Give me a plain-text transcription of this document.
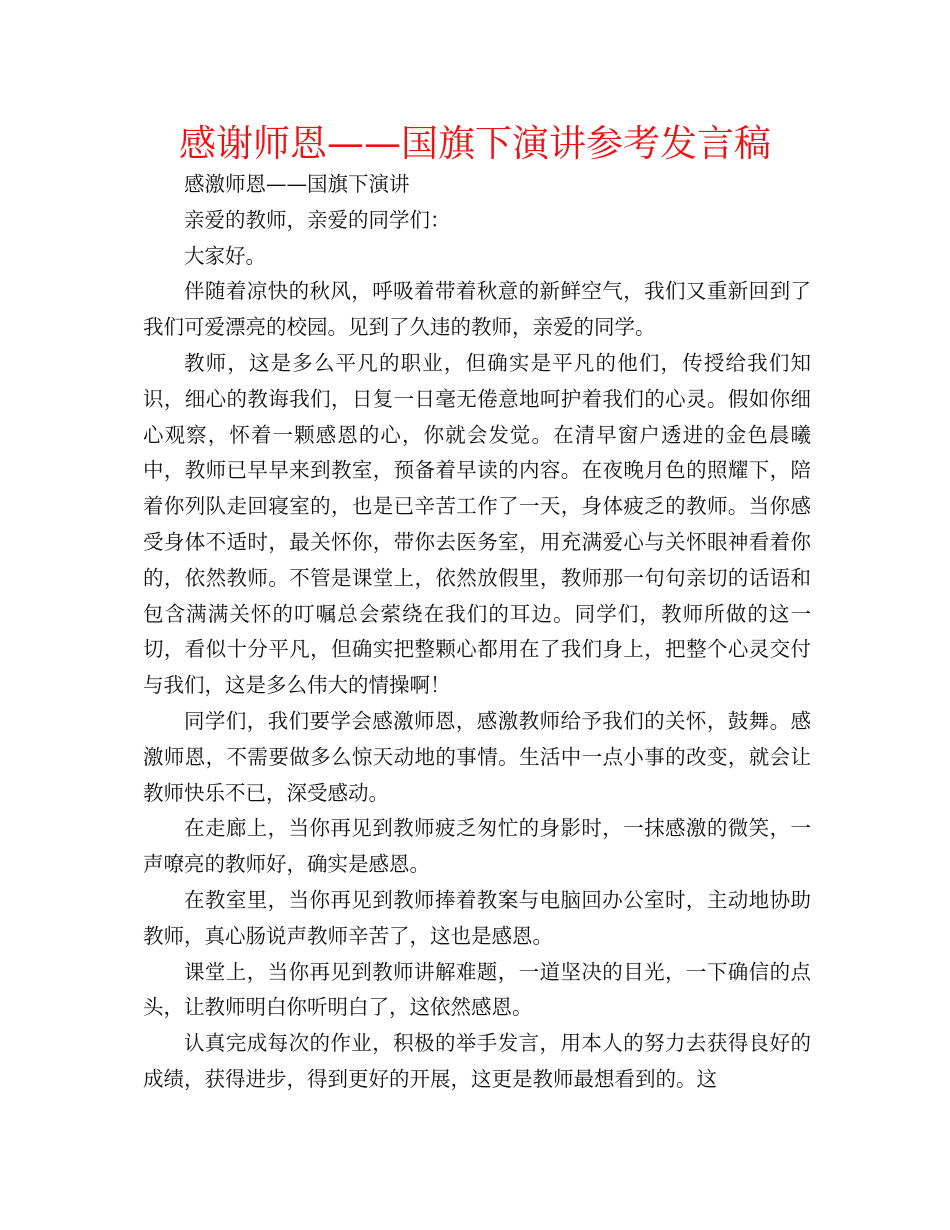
感谢师恩——国旗下演讲参考发言稿

感激师恩——国旗下演讲

亲爱的教师，亲爱的同学们：

大家好。

伴随着凉快的秋风，呼吸着带着秋意的新鲜空气，我们又重新回到了我们可爱漂亮的校园。见到了久违的教师，亲爱的同学。

教师，这是多么平凡的职业，但确实是平凡的他们，传授给我们知识，细心的教诲我们，日复一日毫无倦意地呵护着我们的心灵。假如你细心观察，怀着一颗感恩的心，你就会发觉。在清早窗户透进的金色晨曦中，教师已早早来到教室，预备着早读的内容。在夜晚月色的照耀下，陪着你列队走回寝室的，也是已辛苦工作了一天，身体疲乏的教师。当你感受身体不适时，最关怀你，带你去医务室，用充满爱心与关怀眼神看着你的，依然教师。不管是课堂上，依然放假里，教师那一句句亲切的话语和包含满满关怀的叮嘱总会萦绕在我们的耳边。同学们，教师所做的这一切，看似十分平凡，但确实把整颗心都用在了我们身上，把整个心灵交付与我们，这是多么伟大的情操啊！

同学们，我们要学会感激师恩，感激教师给予我们的关怀，鼓舞。感激师恩，不需要做多么惊天动地的事情。生活中一点小事的改变，就会让教师快乐不已，深受感动。

在走廊上，当你再见到教师疲乏匆忙的身影时，一抹感激的微笑，一声嘹亮的教师好，确实是感恩。

在教室里，当你再见到教师捧着教案与电脑回办公室时，主动地协助教师，真心肠说声教师辛苦了，这也是感恩。

课堂上，当你再见到教师讲解难题，一道坚决的目光，一下确信的点头，让教师明白你听明白了，这依然感恩。

认真完成每次的作业，积极的举手发言，用本人的努力去获得良好的成绩，获得进步，得到更好的开展，这更是教师最想看到的。这
